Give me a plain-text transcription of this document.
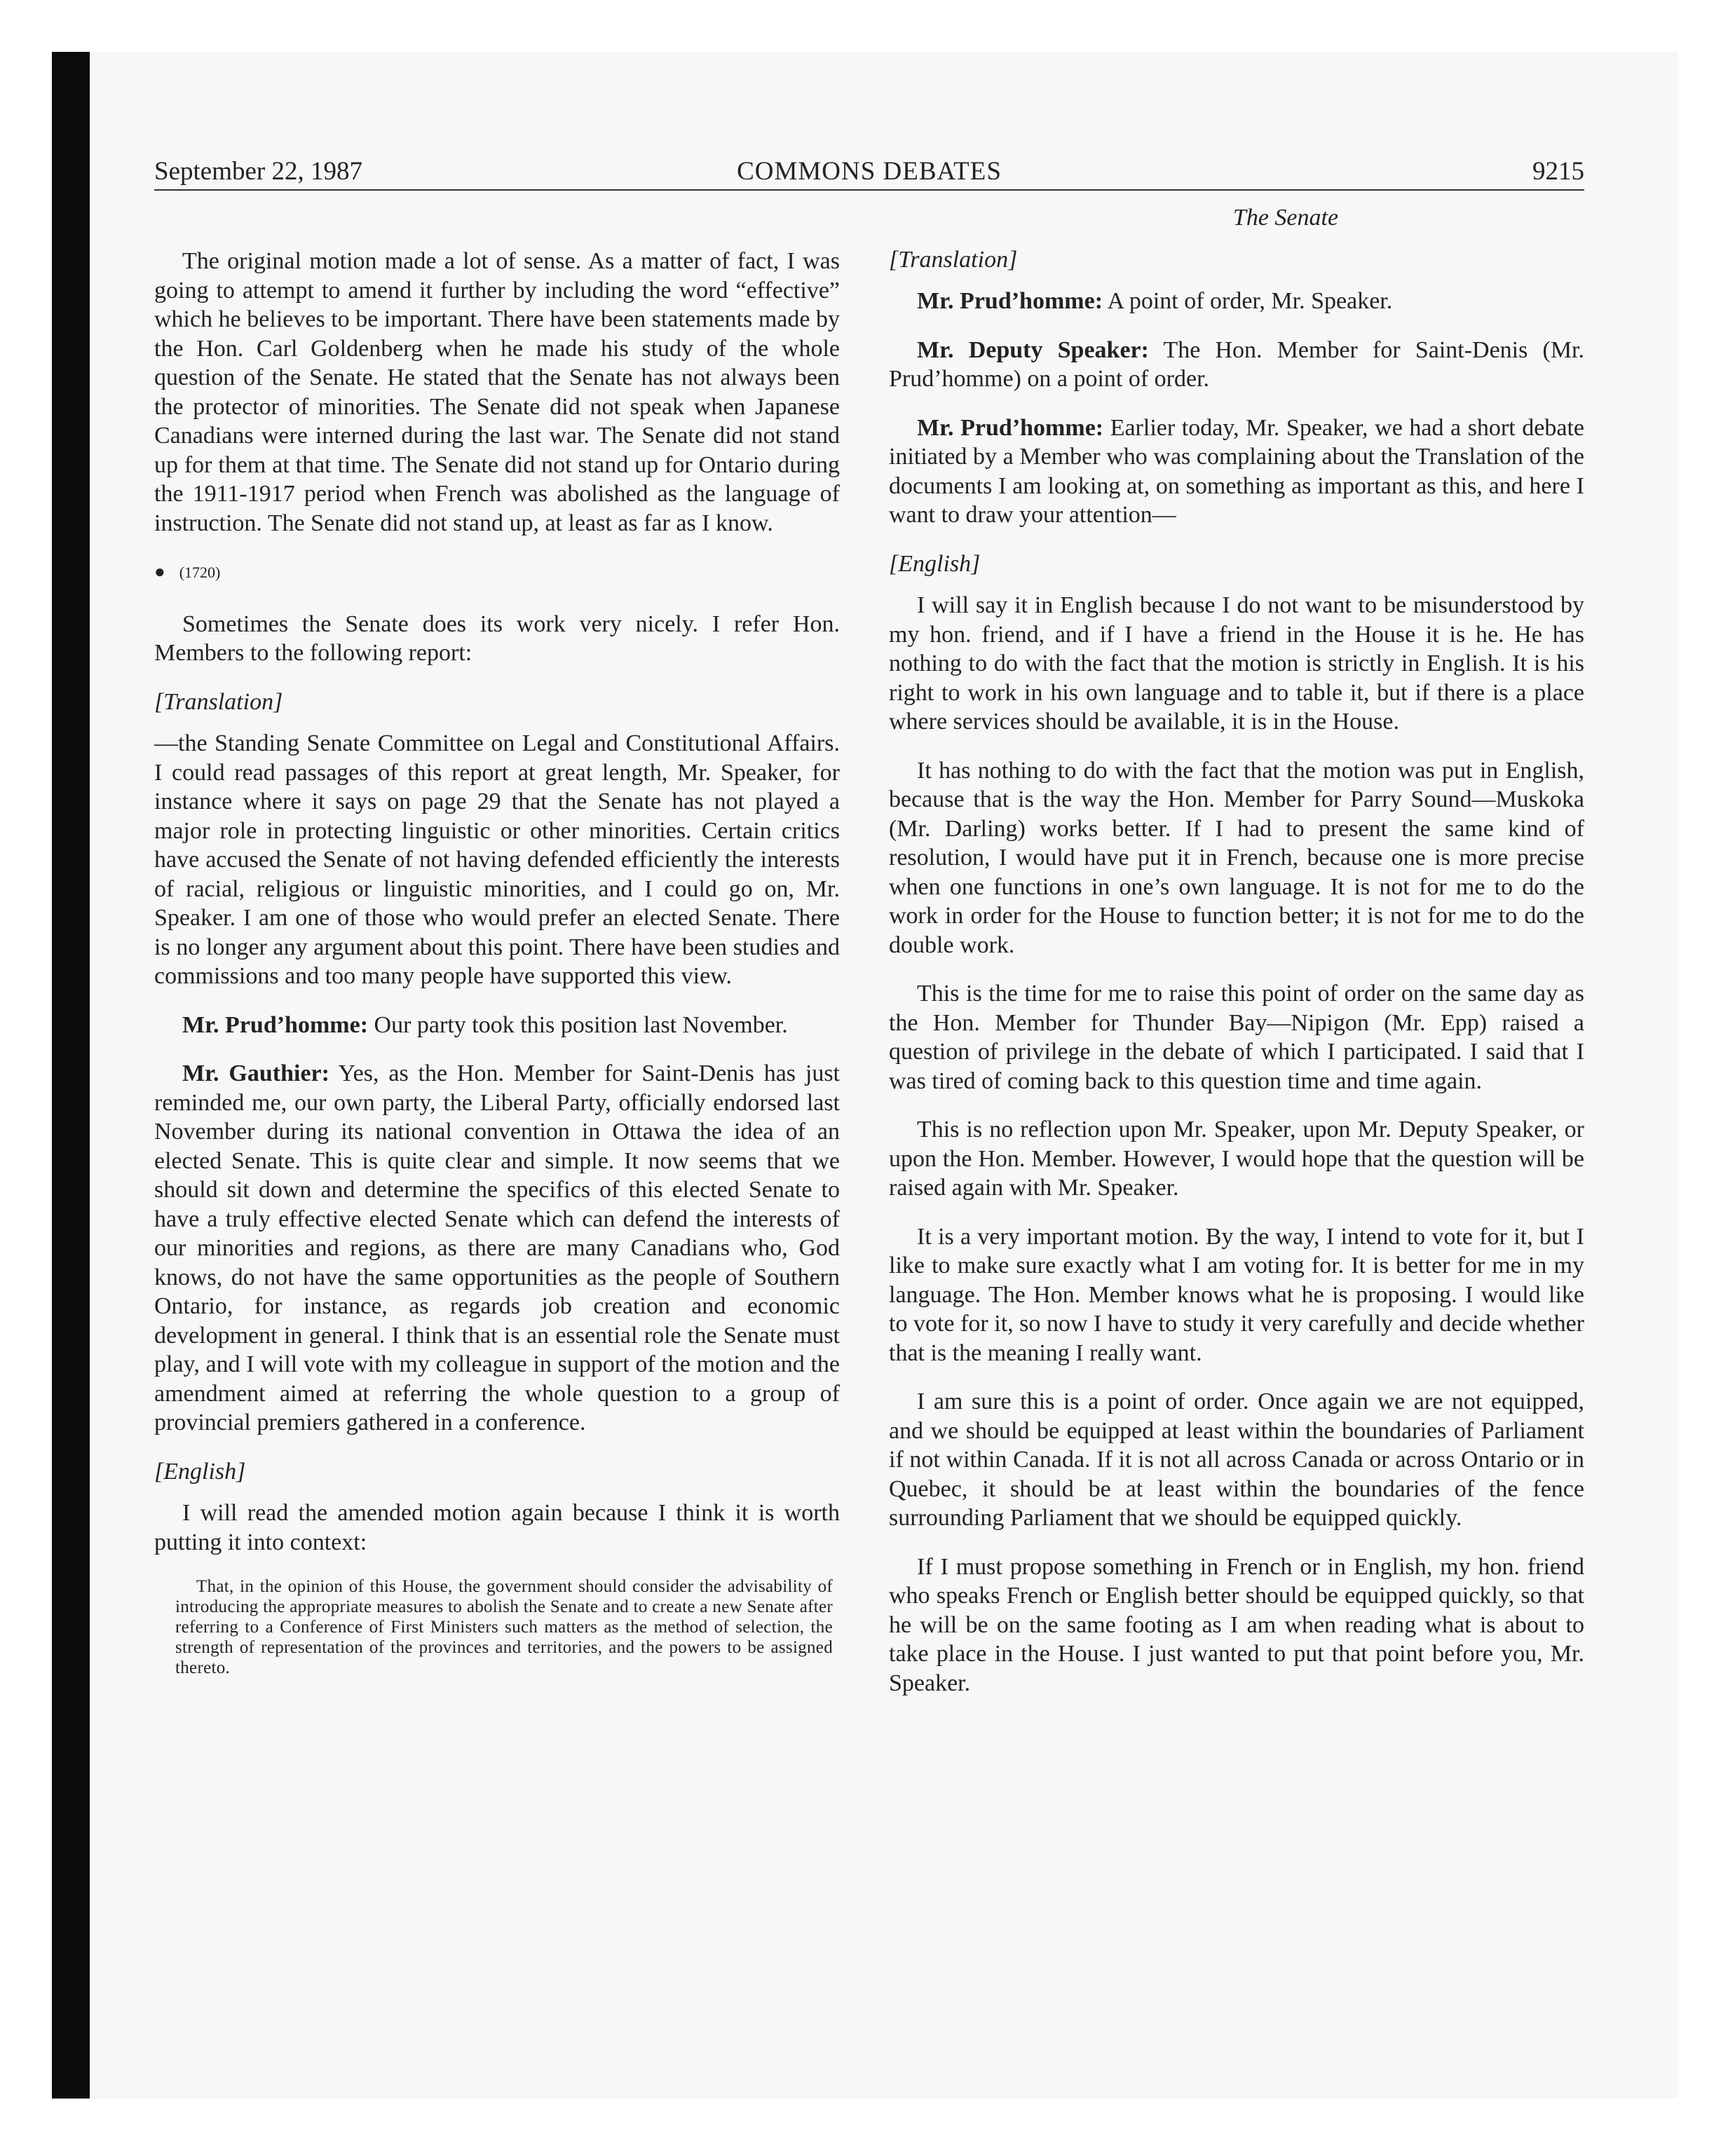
September 22, 1987	COMMONS DEBATES	9215

The original motion made a lot of sense. As a matter of fact, I was going to attempt to amend it further by including the word “effective” which he believes to be important. There have been statements made by the Hon. Carl Goldenberg when he made his study of the whole question of the Senate. He stated that the Senate has not always been the protector of minorities. The Senate did not speak when Japanese Canadians were interned during the last war. The Senate did not stand up for them at that time. The Senate did not stand up for Ontario during the 1911-1917 period when French was abolished as the language of instruction. The Senate did not stand up, at least as far as I know.

● (1720)

Sometimes the Senate does its work very nicely. I refer Hon. Members to the following report:

[Translation]

—the Standing Senate Committee on Legal and Constitutional Affairs. I could read passages of this report at great length, Mr. Speaker, for instance where it says on page 29 that the Senate has not played a major role in protecting linguistic or other minorities. Certain critics have accused the Senate of not having defended efficiently the interests of racial, religious or linguistic minorities, and I could go on, Mr. Speaker. I am one of those who would prefer an elected Senate. There is no longer any argument about this point. There have been studies and commissions and too many people have supported this view.

Mr. Prud’homme: Our party took this position last November.

Mr. Gauthier: Yes, as the Hon. Member for Saint-Denis has just reminded me, our own party, the Liberal Party, officially endorsed last November during its national convention in Ottawa the idea of an elected Senate. This is quite clear and simple. It now seems that we should sit down and determine the specifics of this elected Senate to have a truly effective elected Senate which can defend the interests of our minorities and regions, as there are many Canadians who, God knows, do not have the same opportunities as the people of Southern Ontario, for instance, as regards job creation and economic development in general. I think that is an essential role the Senate must play, and I will vote with my colleague in support of the motion and the amendment aimed at referring the whole question to a group of provincial premiers gathered in a conference.

[English]

I will read the amended motion again because I think it is worth putting it into context:

That, in the opinion of this House, the government should consider the advisability of introducing the appropriate measures to abolish the Senate and to create a new Senate after referring to a Conference of First Ministers such matters as the method of selection, the strength of representation of the provinces and territories, and the powers to be assigned thereto.
The Senate
[Translation]

Mr. Prud’homme: A point of order, Mr. Speaker.

Mr. Deputy Speaker: The Hon. Member for Saint-Denis (Mr. Prud’homme) on a point of order.

Mr. Prud’homme: Earlier today, Mr. Speaker, we had a short debate initiated by a Member who was complaining about the Translation of the documents I am looking at, on something as important as this, and here I want to draw your attention—

[English]

I will say it in English because I do not want to be misunderstood by my hon. friend, and if I have a friend in the House it is he. He has nothing to do with the fact that the motion is strictly in English. It is his right to work in his own language and to table it, but if there is a place where services should be available, it is in the House.

It has nothing to do with the fact that the motion was put in English, because that is the way the Hon. Member for Parry Sound—Muskoka (Mr. Darling) works better. If I had to present the same kind of resolution, I would have put it in French, because one is more precise when one functions in one’s own language. It is not for me to do the work in order for the House to function better; it is not for me to do the double work.

This is the time for me to raise this point of order on the same day as the Hon. Member for Thunder Bay—Nipigon (Mr. Epp) raised a question of privilege in the debate of which I participated. I said that I was tired of coming back to this question time and time again.

This is no reflection upon Mr. Speaker, upon Mr. Deputy Speaker, or upon the Hon. Member. However, I would hope that the question will be raised again with Mr. Speaker.

It is a very important motion. By the way, I intend to vote for it, but I like to make sure exactly what I am voting for. It is better for me in my language. The Hon. Member knows what he is proposing. I would like to vote for it, so now I have to study it very carefully and decide whether that is the meaning I really want.

I am sure this is a point of order. Once again we are not equipped, and we should be equipped at least within the boundaries of Parliament if not within Canada. If it is not all across Canada or across Ontario or in Quebec, it should be at least within the boundaries of the fence surrounding Parliament that we should be equipped quickly.

If I must propose something in French or in English, my hon. friend who speaks French or English better should be equipped quickly, so that he will be on the same footing as I am when reading what is about to take place in the House. I just wanted to put that point before you, Mr. Speaker.
